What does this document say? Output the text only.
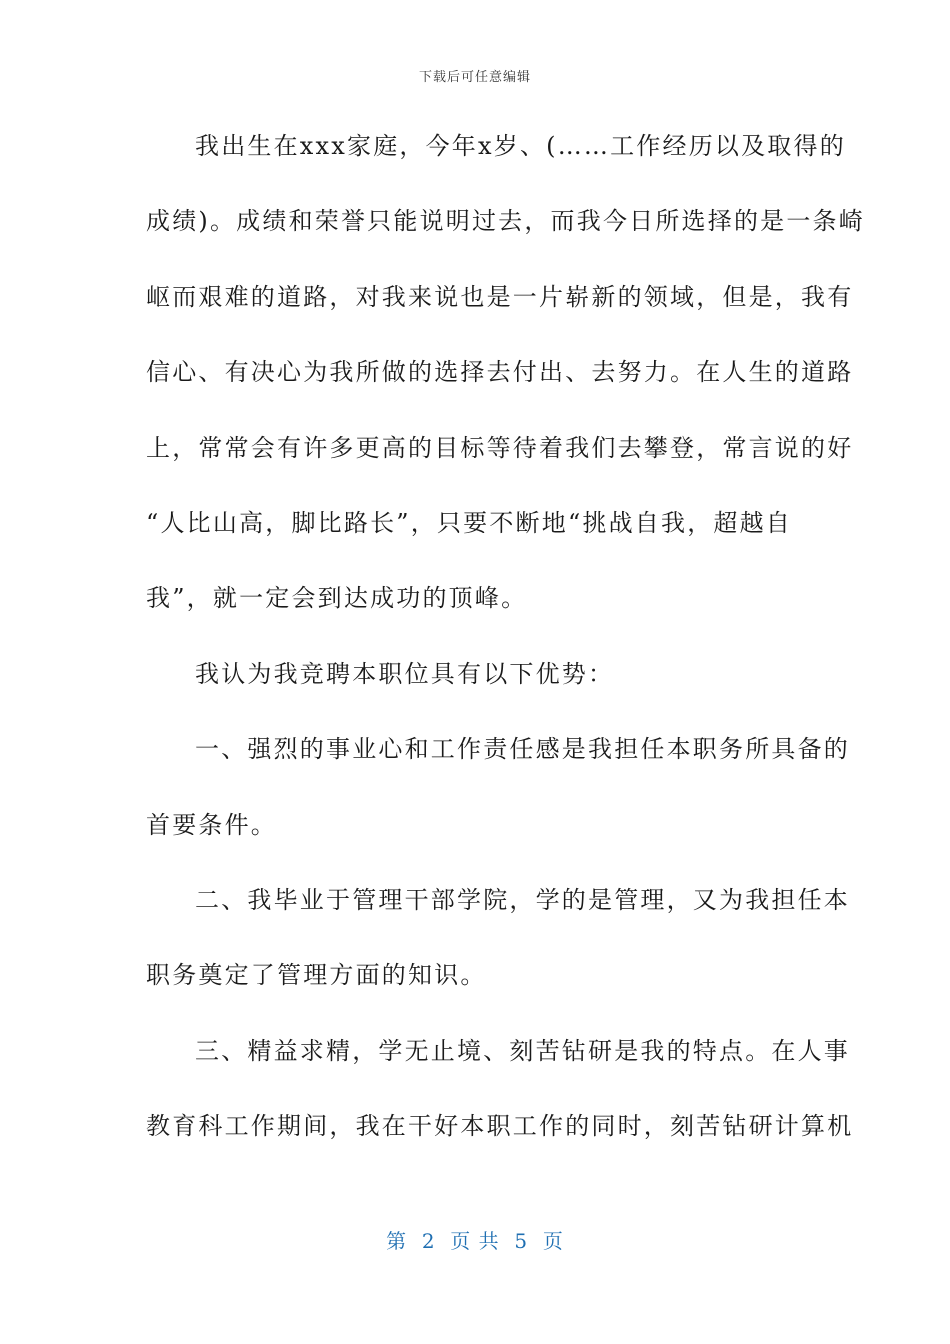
下载后可任意编辑
我出生在xxx家庭，今年x岁、(……工作经历以及取得的
成绩)。成绩和荣誉只能说明过去，而我今日所选择的是一条崎
岖而艰难的道路，对我来说也是一片崭新的领域，但是，我有
信心、有决心为我所做的选择去付出、去努力。在人生的道路
上，常常会有许多更高的目标等待着我们去攀登，常言说的好
“人比山高，脚比路长”，只要不断地“挑战自我，超越自
我”，就一定会到达成功的顶峰。
我认为我竞聘本职位具有以下优势：
一、强烈的事业心和工作责任感是我担任本职务所具备的
首要条件。
二、我毕业于管理干部学院，学的是管理，又为我担任本
职务奠定了管理方面的知识。
三、精益求精，学无止境、刻苦钻研是我的特点。在人事
教育科工作期间，我在干好本职工作的同时，刻苦钻研计算机
第  2  页 共  5  页
